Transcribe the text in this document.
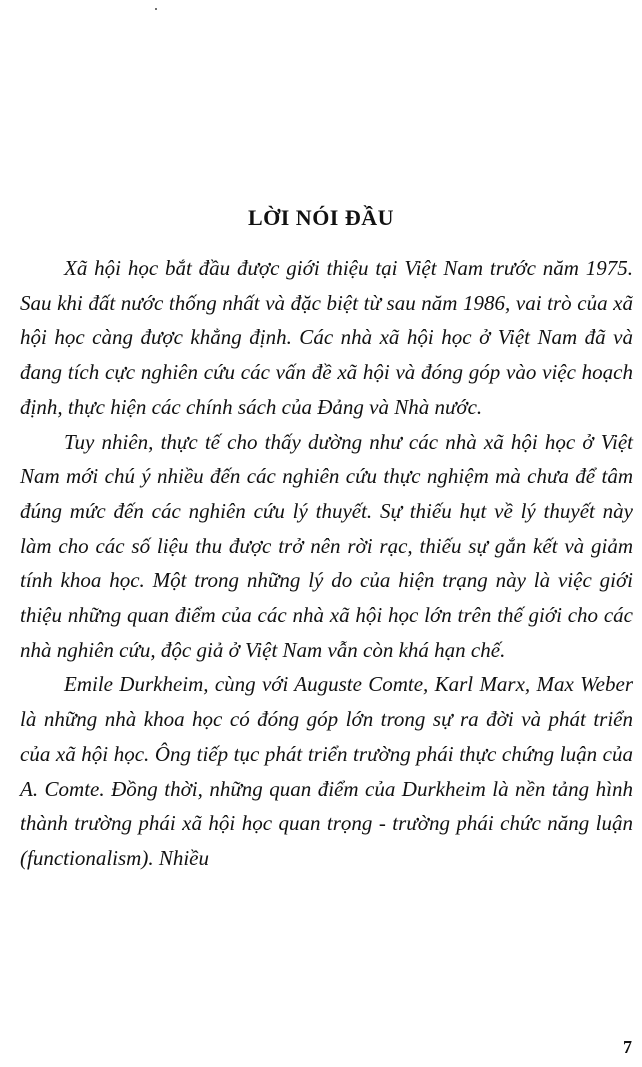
LỜI NÓI ĐẦU

Xã hội học bắt đầu được giới thiệu tại Việt Nam trước năm 1975. Sau khi đất nước thống nhất và đặc biệt từ sau năm 1986, vai trò của xã hội học càng được khẳng định. Các nhà xã hội học ở Việt Nam đã và đang tích cực nghiên cứu các vấn đề xã hội và đóng góp vào việc hoạch định, thực hiện các chính sách của Đảng và Nhà nước.

Tuy nhiên, thực tế cho thấy dường như các nhà xã hội học ở Việt Nam mới chú ý nhiều đến các nghiên cứu thực nghiệm mà chưa để tâm đúng mức đến các nghiên cứu lý thuyết. Sự thiếu hụt về lý thuyết này làm cho các số liệu thu được trở nên rời rạc, thiếu sự gắn kết và giảm tính khoa học. Một trong những lý do của hiện trạng này là việc giới thiệu những quan điểm của các nhà xã hội học lớn trên thế giới cho các nhà nghiên cứu, độc giả ở Việt Nam vẫn còn khá hạn chế.

Emile Durkheim, cùng với Auguste Comte, Karl Marx, Max Weber là những nhà khoa học có đóng góp lớn trong sự ra đời và phát triển của xã hội học. Ông tiếp tục phát triển trường phái thực chứng luận của A. Comte. Đồng thời, những quan điểm của Durkheim là nền tảng hình thành trường phái xã hội học quan trọng - trường phái chức năng luận (functionalism). Nhiều

7
